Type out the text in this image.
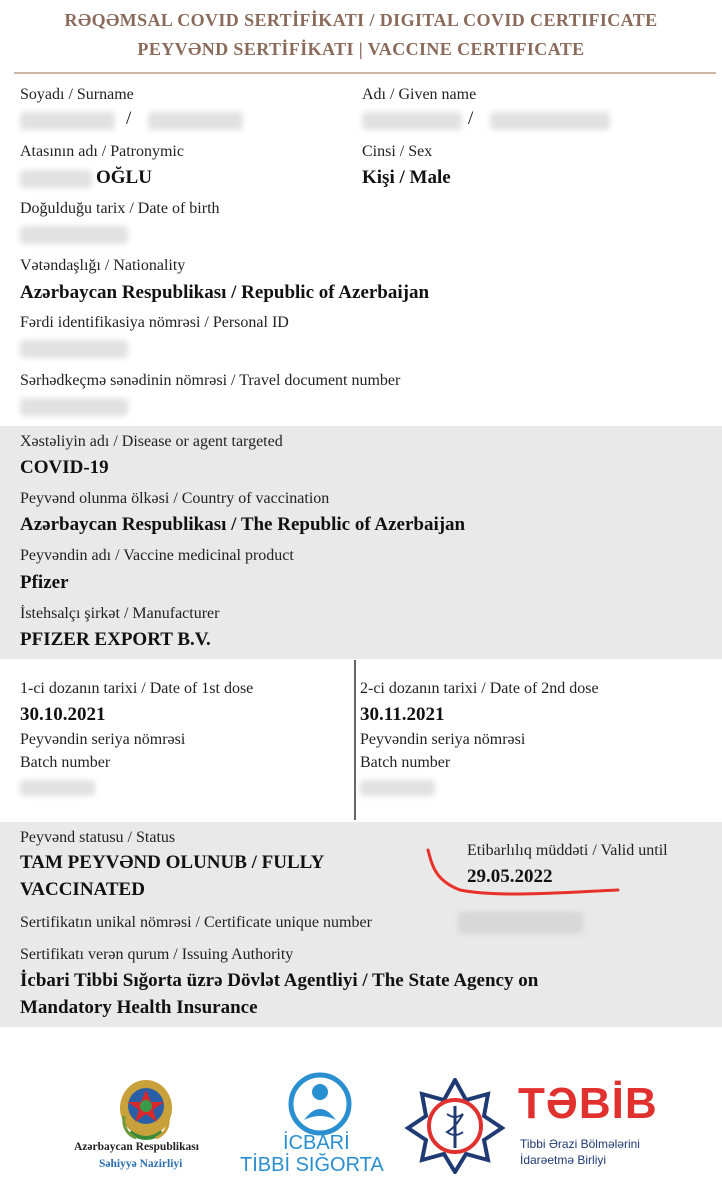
RƏQƏMSAL COVID SERTİFİKATI / DIGITAL COVID CERTIFICATE
PEYVƏND SERTİFİKATI | VACCINE CERTIFICATE
Soyadı / Surname
/
Adı / Given name
/
Atasının adı / Patronymic
OĞLU
Cinsi / Sex
Kişi / Male
Doğulduğu tarix / Date of birth
Vətəndaşlığı / Nationality
Azərbaycan Respublikası / Republic of Azerbaijan
Fərdi identifikasiya nömrəsi / Personal ID
Sərhədkeçmə sənədinin nömrəsi / Travel document number
Xəstəliyin adı / Disease or agent targeted
COVID-19
Peyvənd olunma ölkəsi / Country of vaccination
Azərbaycan Respublikası / The Republic of Azerbaijan
Peyvəndin adı / Vaccine medicinal product
Pfizer
İstehsalçı şirkət / Manufacturer
PFIZER EXPORT B.V.
1-ci dozanın tarixi / Date of 1st dose
30.10.2021
Peyvəndin seriya nömrəsi
Batch number
2-ci dozanın tarixi / Date of 2nd dose
30.11.2021
Peyvəndin seriya nömrəsi
Batch number
Peyvənd statusu / Status
TAM PEYVƏND OLUNUB / FULLY
VACCINATED
Etibarlılıq müddəti / Valid until
29.05.2022
Sertifikatın unikal nömrəsi / Certificate unique number
Sertifikatı verən qurum / Issuing Authority
İcbari Tibbi Sığorta üzrə Dövlət Agentliyi / The State Agency on
Mandatory Health Insurance
Azərbaycan Respublikası
Səhiyyə Nazirliyi
İCBARİ
TİBBİ SIĞORTA
TƏBİB
Tibbi Ərazi Bölmələrini
İdarəetmə Birliyi
